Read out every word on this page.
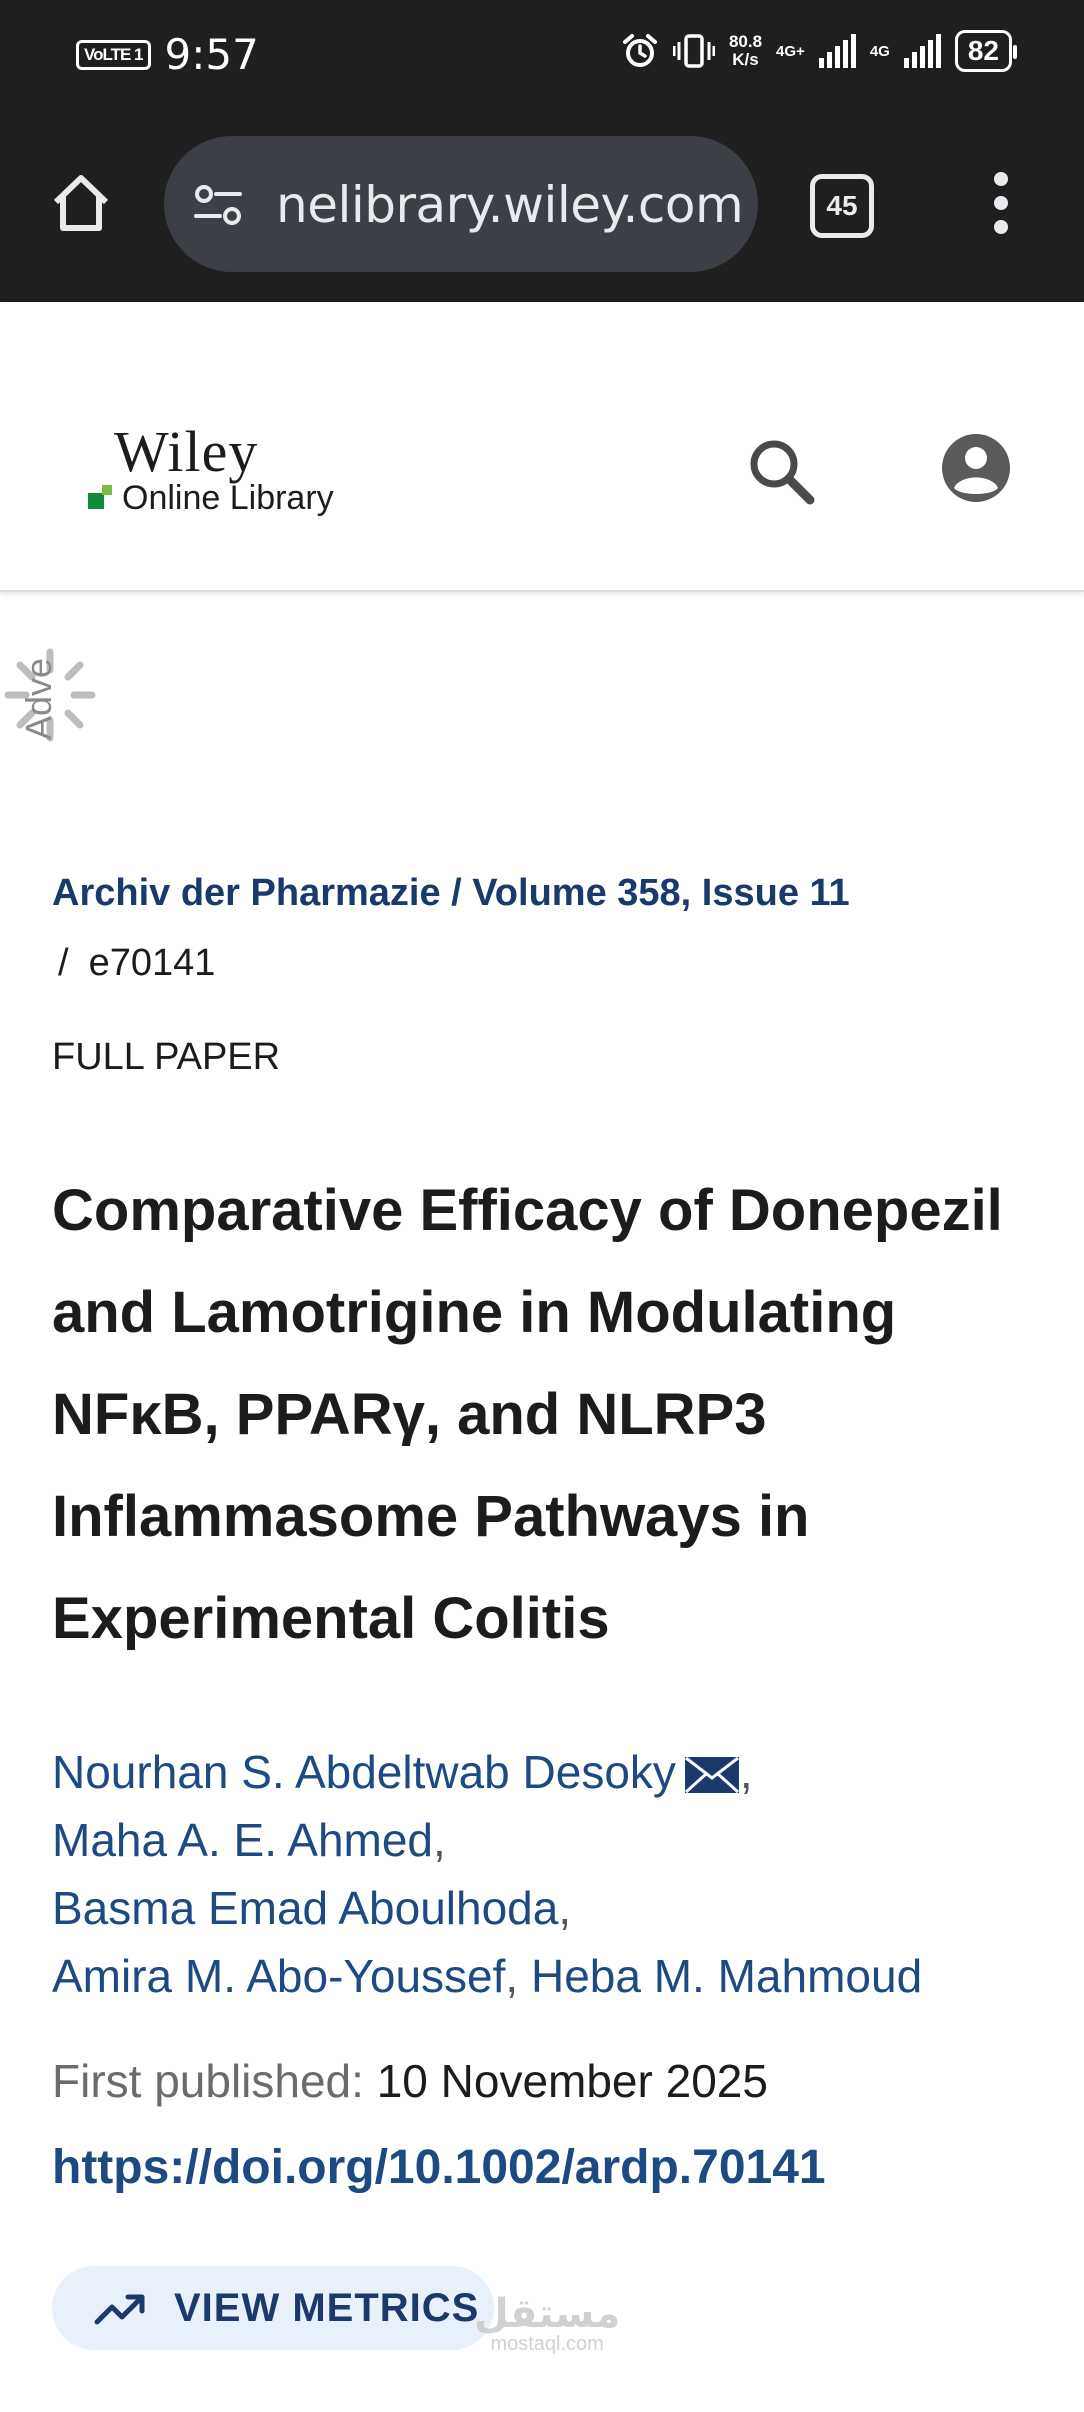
VoLTE 1 9:57	80.8
K/s 4G+	4G	82
nelibrary.wiley.com	45
Wiley
Online Library
Adve
Archiv der Pharmazie / Volume 358, Issue 11
/ e70141
FULL PAPER
Comparative Efficacy of Donepezil and Lamotrigine in Modulating NFκB, PPARγ, and NLRP3 Inflammasome Pathways in Experimental Colitis
Nourhan S. Abdeltwab Desoky ,
Maha A. E. Ahmed,
Basma Emad Aboulhoda,
Amira M. Abo-Youssef, Heba M. Mahmoud
First published: 10 November 2025
https://doi.org/10.1002/ardp.70141
VIEW METRICS
مستقل
mostaql.com
